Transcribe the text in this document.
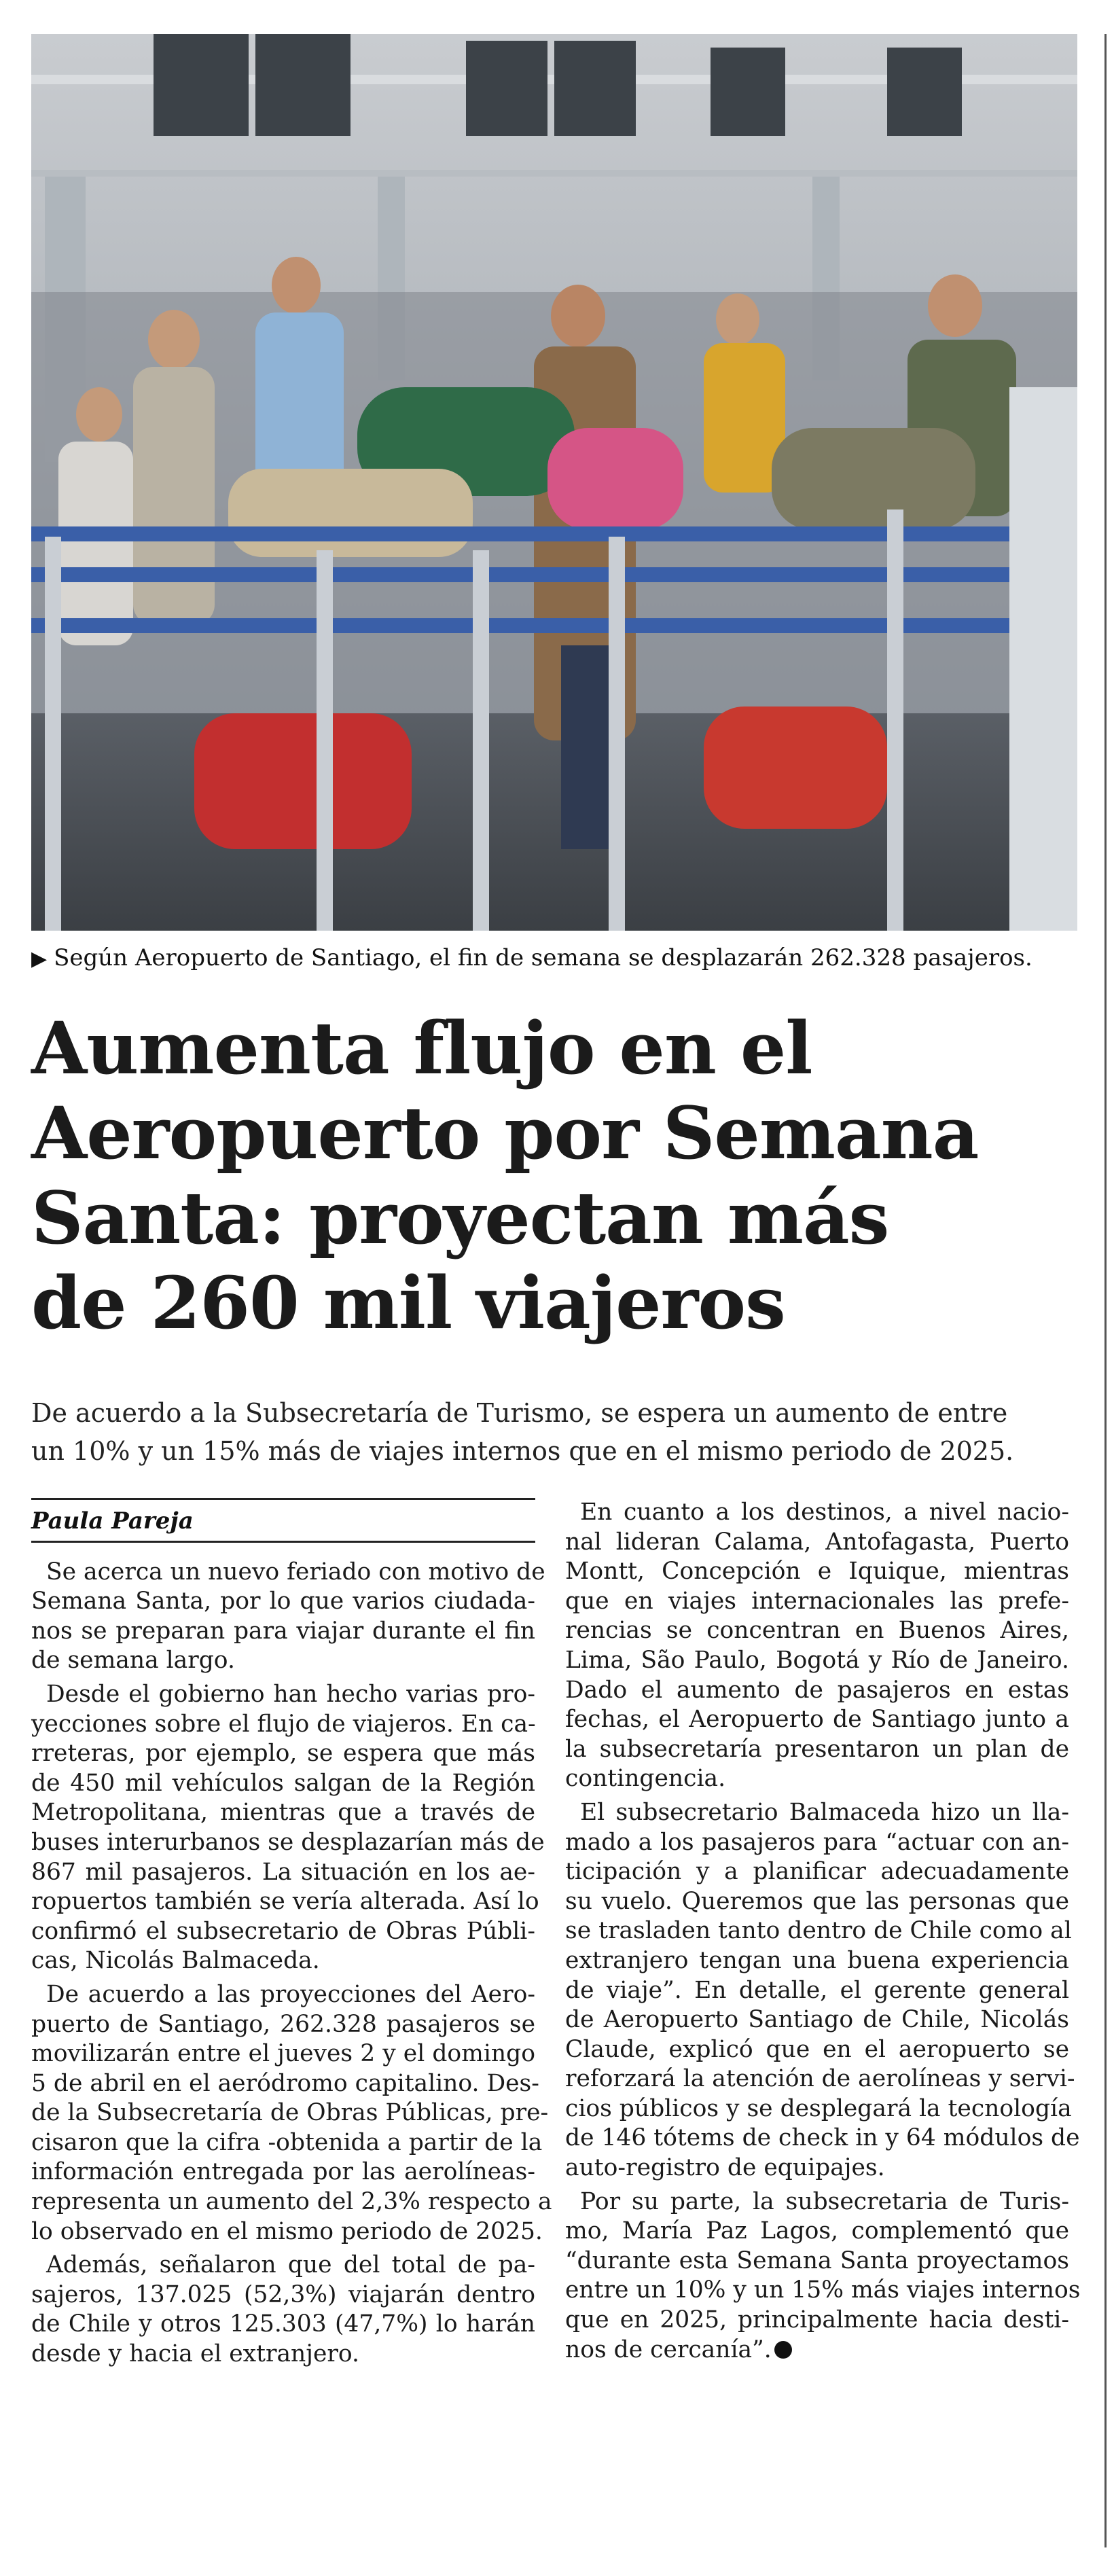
▶ Según Aeropuerto de Santiago, el fin de semana se desplazarán 262.328 pasajeros.
Aumenta flujo en el
Aeropuerto por Semana
Santa: proyectan más
de 260 mil viajeros
De acuerdo a la Subsecretaría de Turismo, se espera un aumento de entre
un 10% y un 15% más de viajes internos que en el mismo periodo de 2025.
Paula Pareja

Se acerca un nuevo feriado con motivo de
Semana Santa, por lo que varios ciudada-
nos se preparan para viajar durante el fin
de semana largo.

Desde el gobierno han hecho varias pro-
yecciones sobre el flujo de viajeros. En ca-
rreteras, por ejemplo, se espera que más
de 450 mil vehículos salgan de la Región
Metropolitana, mientras que a través de
buses interurbanos se desplazarían más de
867 mil pasajeros. La situación en los ae-
ropuertos también se vería alterada. Así lo
confirmó el subsecretario de Obras Públi-
cas, Nicolás Balmaceda.

De acuerdo a las proyecciones del Aero-
puerto de Santiago, 262.328 pasajeros se
movilizarán entre el jueves 2 y el domingo
5 de abril en el aeródromo capitalino. Des-
de la Subsecretaría de Obras Públicas, pre-
cisaron que la cifra -obtenida a partir de la
información entregada por las aerolíneas-
representa un aumento del 2,3% respecto a
lo observado en el mismo periodo de 2025.

Además, señalaron que del total de pa-
sajeros, 137.025 (52,3%) viajarán dentro
de Chile y otros 125.303 (47,7%) lo harán
desde y hacia el extranjero.

En cuanto a los destinos, a nivel nacio-
nal lideran Calama, Antofagasta, Puerto
Montt, Concepción e Iquique, mientras
que en viajes internacionales las prefe-
rencias se concentran en Buenos Aires,
Lima, São Paulo, Bogotá y Río de Janeiro.
Dado el aumento de pasajeros en estas
fechas, el Aeropuerto de Santiago junto a
la subsecretaría presentaron un plan de
contingencia.

El subsecretario Balmaceda hizo un lla-
mado a los pasajeros para “actuar con an-
ticipación y a planificar adecuadamente
su vuelo. Queremos que las personas que
se trasladen tanto dentro de Chile como al
extranjero tengan una buena experiencia
de viaje”. En detalle, el gerente general
de Aeropuerto Santiago de Chile, Nicolás
Claude, explicó que en el aeropuerto se
reforzará la atención de aerolíneas y servi-
cios públicos y se desplegará la tecnología
de 146 tótems de check in y 64 módulos de
auto-registro de equipajes.

Por su parte, la subsecretaria de Turis-
mo, María Paz Lagos, complementó que
“durante esta Semana Santa proyectamos
entre un 10% y un 15% más viajes internos
que en 2025, principalmente hacia desti-
nos de cercanía”.
